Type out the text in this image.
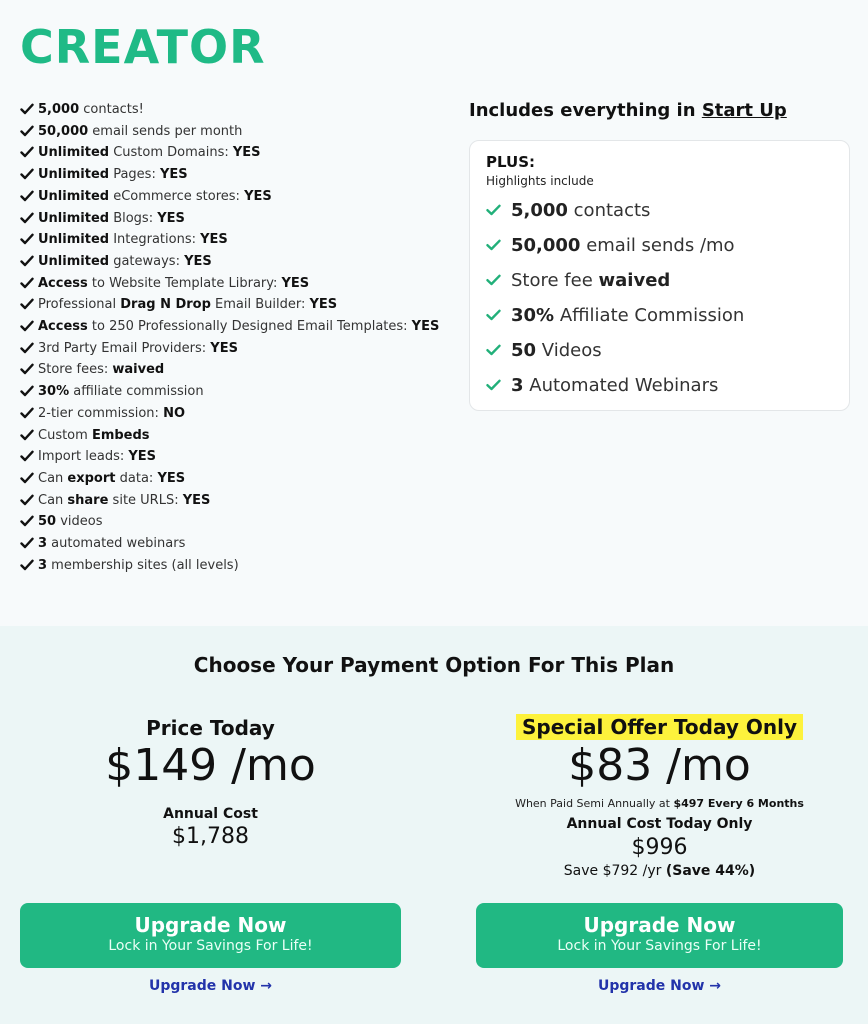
CREATOR
5,000 contacts!
50,000 email sends per month
Unlimited Custom Domains: YES
Unlimited Pages: YES
Unlimited eCommerce stores: YES
Unlimited Blogs: YES
Unlimited Integrations: YES
Unlimited gateways: YES
Access to Website Template Library: YES
Professional Drag N Drop Email Builder: YES
Access to 250 Professionally Designed Email Templates: YES
3rd Party Email Providers: YES
Store fees: waived
30% affiliate commission
2-tier commission: NO
Custom Embeds
Import leads: YES
Can export data: YES
Can share site URLS: YES
50 videos
3 automated webinars
3 membership sites (all levels)
Includes everything in Start Up
PLUS:
Highlights include
5,000 contacts
50,000 email sends /mo
Store fee waived
30% Affiliate Commission
50 Videos
3 Automated Webinars
Choose Your Payment Option For This Plan
Price Today
$149 /mo
Annual Cost
$1,788
Upgrade Now
Lock in Your Savings For Life!
Upgrade Now →
Special Offer Today Only
$83 /mo
When Paid Semi Annually at $497 Every 6 Months
Annual Cost Today Only
$996
Save $792 /yr (Save 44%)
Upgrade Now
Lock in Your Savings For Life!
Upgrade Now →
